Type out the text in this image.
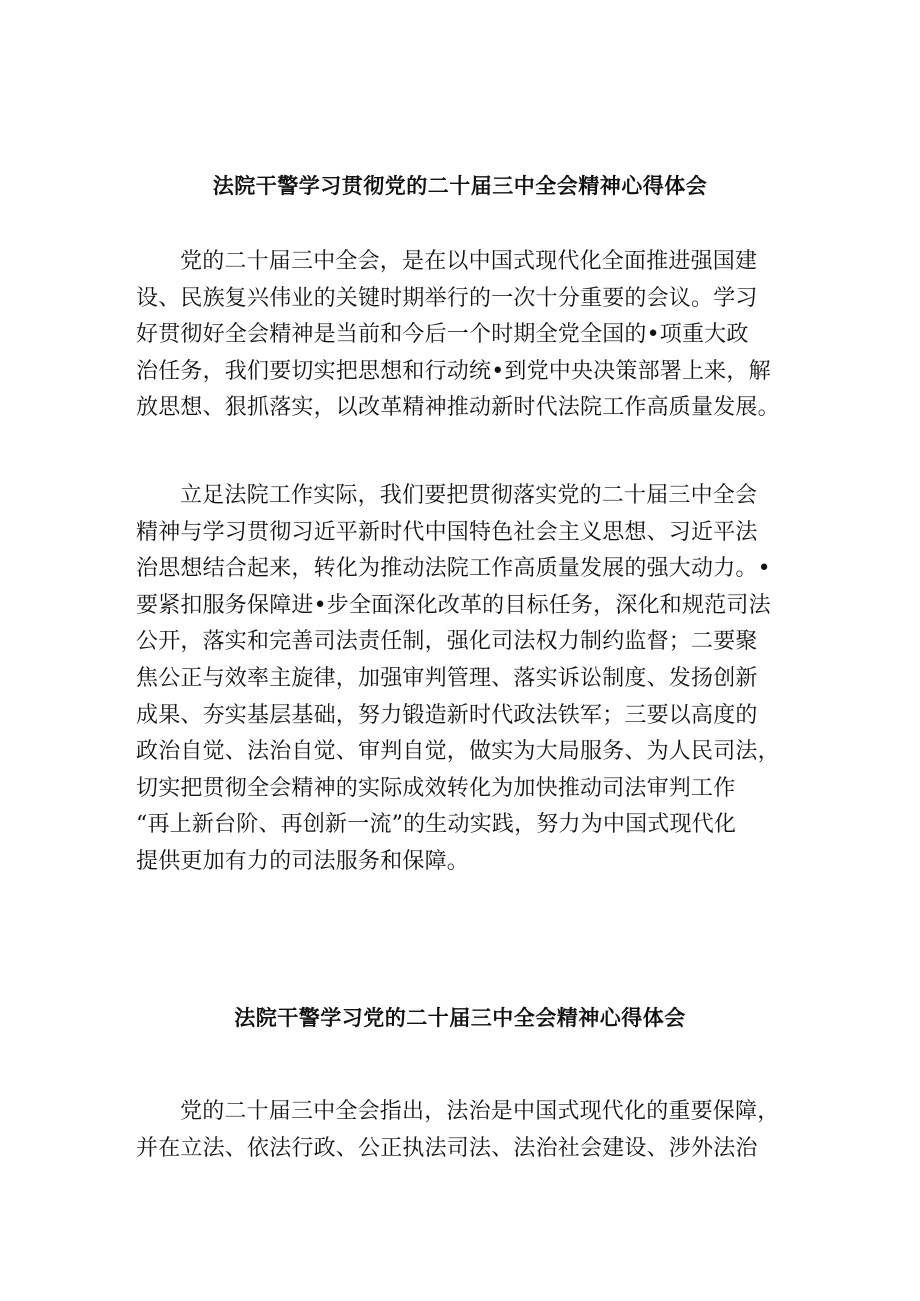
法院干警学习贯彻党的二十届三中全会精神心得体会
党的二十届三中全会，是在以中国式现代化全面推进强国建
设、民族复兴伟业的关键时期举行的一次十分重要的会议。学习
好贯彻好全会精神是当前和今后一个时期全党全国的•项重大政
治任务，我们要切实把思想和行动统•到党中央决策部署上来，解
放思想、狠抓落实，以改革精神推动新时代法院工作高质量发展。
立足法院工作实际，我们要把贯彻落实党的二十届三中全会
精神与学习贯彻习近平新时代中国特色社会主义思想、习近平法
治思想结合起来，转化为推动法院工作高质量发展的强大动力。•
要紧扣服务保障进•步全面深化改革的目标任务，深化和规范司法
公开，落实和完善司法责任制，强化司法权力制约监督；二要聚
焦公正与效率主旋律，加强审判管理、落实诉讼制度、发扬创新
成果、夯实基层基础，努力锻造新时代政法铁军；三要以高度的
政治自觉、法治自觉、审判自觉，做实为大局服务、为人民司法，
切实把贯彻全会精神的实际成效转化为加快推动司法审判工作
“再上新台阶、再创新一流”的生动实践，努力为中国式现代化
提供更加有力的司法服务和保障。
法院干警学习党的二十届三中全会精神心得体会
党的二十届三中全会指出，法治是中国式现代化的重要保障，
并在立法、依法行政、公正执法司法、法治社会建设、涉外法治
